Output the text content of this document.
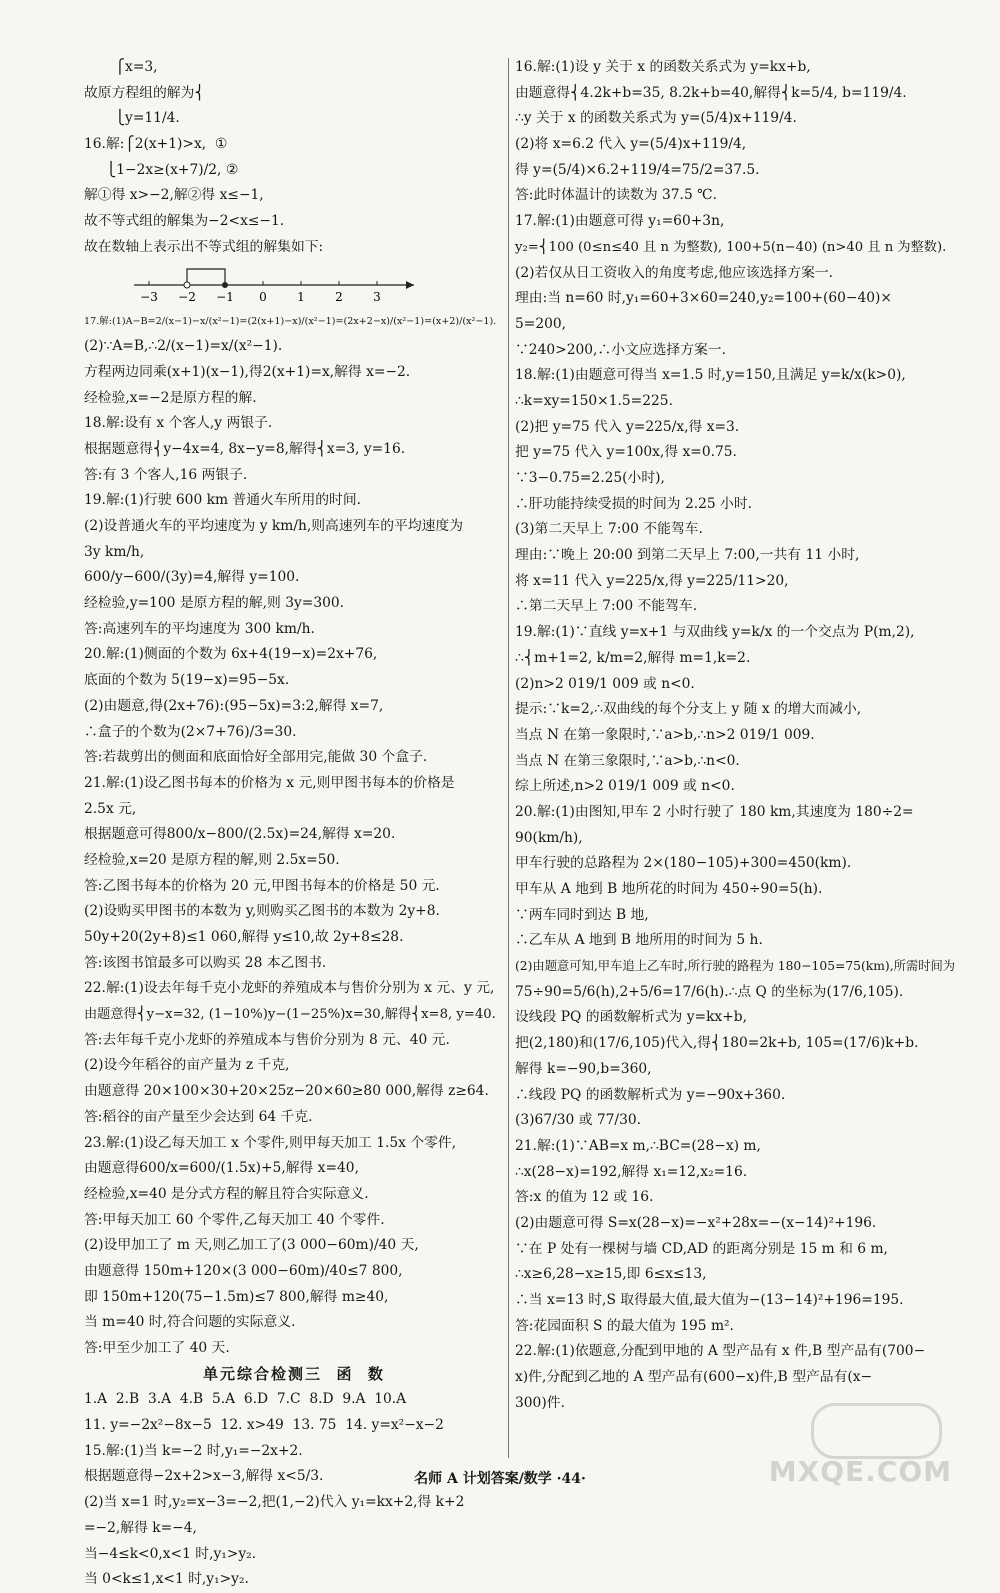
⎧x=3,
故原方程组的解为⎨
⎩y=11/4.
16.解:⎧2(x+1)>x,  ①
⎩1−2x≥(x+7)/2, ②
解①得 x>−2,解②得 x≤−1,
故不等式组的解集为−2<x≤−1.
故在数轴上表示出不等式组的解集如下:
−3 −2 −1 0	1	2	3
17.解:(1)A−B=2/(x−1)−x/(x²−1)=(2(x+1)−x)/(x²−1)=(2x+2−x)/(x²−1)=(x+2)/(x²−1).
(2)∵A=B,∴2/(x−1)=x/(x²−1).
方程两边同乘(x+1)(x−1),得2(x+1)=x,解得 x=−2.
经检验,x=−2是原方程的解.
18.解:设有 x 个客人,y 两银子.
根据题意得⎨y−4x=4, 8x−y=8,解得⎨x=3, y=16.
答:有 3 个客人,16 两银子.
19.解:(1)行驶 600 km 普通火车所用的时间.
(2)设普通火车的平均速度为 y km/h,则高速列车的平均速度为
3y km/h,
600/y−600/(3y)=4,解得 y=100.
经检验,y=100 是原方程的解,则 3y=300.
答:高速列车的平均速度为 300 km/h.
20.解:(1)侧面的个数为 6x+4(19−x)=2x+76,
底面的个数为 5(19−x)=95−5x.
(2)由题意,得(2x+76):(95−5x)=3:2,解得 x=7,
∴盒子的个数为(2×7+76)/3=30.
答:若裁剪出的侧面和底面恰好全部用完,能做 30 个盒子.
21.解:(1)设乙图书每本的价格为 x 元,则甲图书每本的价格是
2.5x 元,
根据题意可得800/x−800/(2.5x)=24,解得 x=20.
经检验,x=20 是原方程的解,则 2.5x=50.
答:乙图书每本的价格为 20 元,甲图书每本的价格是 50 元.
(2)设购买甲图书的本数为 y,则购买乙图书的本数为 2y+8.
50y+20(2y+8)≤1 060,解得 y≤10,故 2y+8≤28.
答:该图书馆最多可以购买 28 本乙图书.
22.解:(1)设去年每千克小龙虾的养殖成本与售价分别为 x 元、y 元,
由题意得⎨y−x=32, (1−10%)y−(1−25%)x=30,解得⎨x=8, y=40.
答:去年每千克小龙虾的养殖成本与售价分别为 8 元、40 元.
(2)设今年稻谷的亩产量为 z 千克,
由题意得 20×100×30+20×25z−20×60≥80 000,解得 z≥64.
答:稻谷的亩产量至少会达到 64 千克.
23.解:(1)设乙每天加工 x 个零件,则甲每天加工 1.5x 个零件,
由题意得600/x=600/(1.5x)+5,解得 x=40,
经检验,x=40 是分式方程的解且符合实际意义.
答:甲每天加工 60 个零件,乙每天加工 40 个零件.
(2)设甲加工了 m 天,则乙加工了(3 000−60m)/40 天,
由题意得 150m+120×(3 000−60m)/40≤7 800,
即 150m+120(75−1.5m)≤7 800,解得 m≥40,
当 m=40 时,符合问题的实际意义.
答:甲至少加工了 40 天.
单元综合检测三  函  数
1.A  2.B  3.A  4.B  5.A  6.D  7.C  8.D  9.A  10.A
11. y=−2x²−8x−5  12. x>49  13. 75  14. y=x²−x−2
15.解:(1)当 k=−2 时,y₁=−2x+2.
根据题意得−2x+2>x−3,解得 x<5/3.
(2)当 x=1 时,y₂=x−3=−2,把(1,−2)代入 y₁=kx+2,得 k+2
=−2,解得 k=−4,
当−4≤k<0,x<1 时,y₁>y₂.
当 0<k≤1,x<1 时,y₁>y₂.
16.解:(1)设 y 关于 x 的函数关系式为 y=kx+b,
由题意得⎨4.2k+b=35, 8.2k+b=40,解得⎨k=5/4, b=119/4.
∴y 关于 x 的函数关系式为 y=(5/4)x+119/4.
(2)将 x=6.2 代入 y=(5/4)x+119/4,
得 y=(5/4)×6.2+119/4=75/2=37.5.
答:此时体温计的读数为 37.5 ℃.
17.解:(1)由题意可得 y₁=60+3n,
y₂=⎨100 (0≤n≤40 且 n 为整数), 100+5(n−40) (n>40 且 n 为整数).
(2)若仅从日工资收入的角度考虑,他应该选择方案一.
理由:当 n=60 时,y₁=60+3×60=240,y₂=100+(60−40)×
5=200,
∵240>200,∴小文应选择方案一.
18.解:(1)由题意可得当 x=1.5 时,y=150,且满足 y=k/x(k>0),
∴k=xy=150×1.5=225.
(2)把 y=75 代入 y=225/x,得 x=3.
把 y=75 代入 y=100x,得 x=0.75.
∵3−0.75=2.25(小时),
∴肝功能持续受损的时间为 2.25 小时.
(3)第二天早上 7:00 不能驾车.
理由:∵晚上 20:00 到第二天早上 7:00,一共有 11 小时,
将 x=11 代入 y=225/x,得 y=225/11>20,
∴第二天早上 7:00 不能驾车.
19.解:(1)∵直线 y=x+1 与双曲线 y=k/x 的一个交点为 P(m,2),
∴⎨m+1=2, k/m=2,解得 m=1,k=2.
(2)n>2 019/1 009 或 n<0.
提示:∵k=2,∴双曲线的每个分支上 y 随 x 的增大而减小,
当点 N 在第一象限时,∵a>b,∴n>2 019/1 009.
当点 N 在第三象限时,∵a>b,∴n<0.
综上所述,n>2 019/1 009 或 n<0.
20.解:(1)由图知,甲车 2 小时行驶了 180 km,其速度为 180÷2=
90(km/h),
甲车行驶的总路程为 2×(180−105)+300=450(km).
甲车从 A 地到 B 地所花的时间为 450÷90=5(h).
∵两车同时到达 B 地,
∴乙车从 A 地到 B 地所用的时间为 5 h.
(2)由题意可知,甲车追上乙车时,所行驶的路程为 180−105=75(km),所需时间为
75÷90=5/6(h),2+5/6=17/6(h).∴点 Q 的坐标为(17/6,105).
设线段 PQ 的函数解析式为 y=kx+b,
把(2,180)和(17/6,105)代入,得⎨180=2k+b, 105=(17/6)k+b.
解得 k=−90,b=360,
∴线段 PQ 的函数解析式为 y=−90x+360.
(3)67/30 或 77/30.
21.解:(1)∵AB=x m,∴BC=(28−x) m,
∴x(28−x)=192,解得 x₁=12,x₂=16.
答:x 的值为 12 或 16.
(2)由题意可得 S=x(28−x)=−x²+28x=−(x−14)²+196.
∵在 P 处有一棵树与墙 CD,AD 的距离分别是 15 m 和 6 m,
∴x≥6,28−x≥15,即 6≤x≤13,
∴当 x=13 时,S 取得最大值,最大值为−(13−14)²+196=195.
答:花园面积 S 的最大值为 195 m².
22.解:(1)依题意,分配到甲地的 A 型产品有 x 件,B 型产品有(700−
x)件,分配到乙地的 A 型产品有(600−x)件,B 型产品有(x−
300)件.
名师 A 计划答案/数学 ·44·	MXQE.COM
